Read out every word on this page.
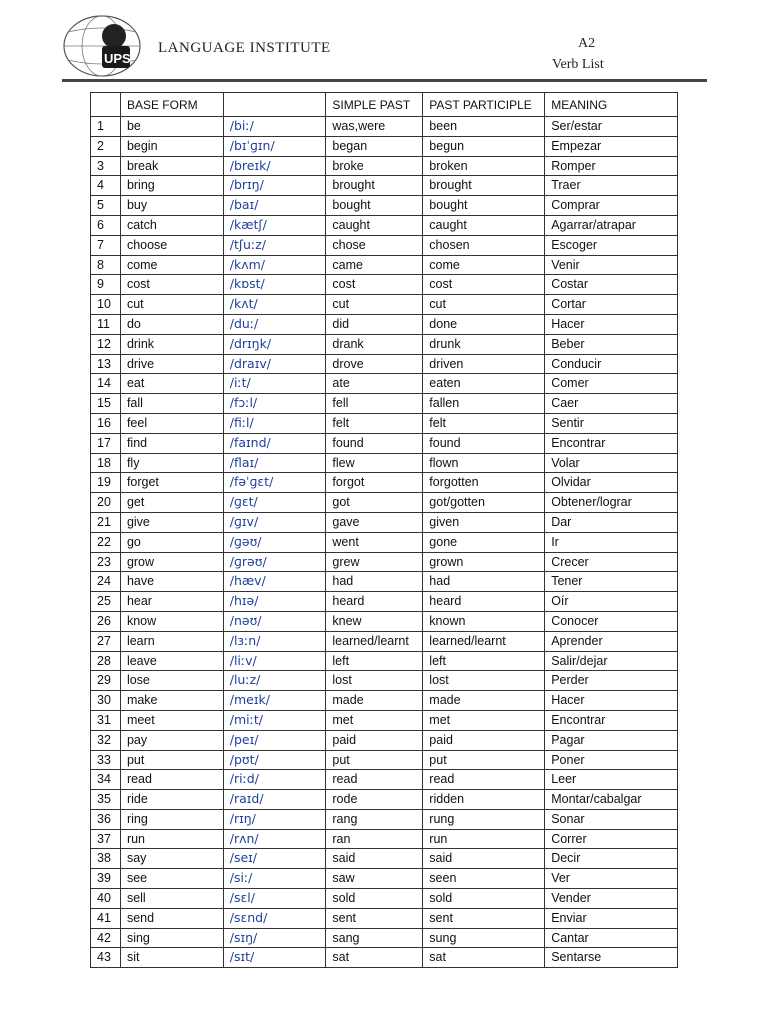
UPS
LANGUAGE INSTITUTE	A2
Verb List
	BASE FORM		SIMPLE PAST	PAST PARTICIPLE	MEANING
1	be	/biː/	was,were	been	Ser/estar
2	begin	/bɪˈɡɪn/	began	begun	Empezar
3	break	/breɪk/	broke	broken	Romper
4	bring	/brɪŋ/	brought	brought	Traer
5	buy	/baɪ/	bought	bought	Comprar
6	catch	/kætʃ/	caught	caught	Agarrar/atrapar
7	choose	/tʃuːz/	chose	chosen	Escoger
8	come	/kʌm/	came	come	Venir
9	cost	/kɒst/	cost	cost	Costar
10	cut	/kʌt/	cut	cut	Cortar
11	do	/duː/	did	done	Hacer
12	drink	/drɪŋk/	drank	drunk	Beber
13	drive	/draɪv/	drove	driven	Conducir
14	eat	/iːt/	ate	eaten	Comer
15	fall	/fɔːl/	fell	fallen	Caer
16	feel	/fiːl/	felt	felt	Sentir
17	find	/faɪnd/	found	found	Encontrar
18	fly	/flaɪ/	flew	flown	Volar
19	forget	/fəˈɡɛt/	forgot	forgotten	Olvidar
20	get	/ɡɛt/	got	got/gotten	Obtener/lograr
21	give	/ɡɪv/	gave	given	Dar
22	go	/ɡəʊ/	went	gone	Ir
23	grow	/ɡrəʊ/	grew	grown	Crecer
24	have	/hæv/	had	had	Tener
25	hear	/hɪə/	heard	heard	Oír
26	know	/nəʊ/	knew	known	Conocer
27	learn	/lɜːn/	learned/learnt	learned/learnt	Aprender
28	leave	/liːv/	left	left	Salir/dejar
29	lose	/luːz/	lost	lost	Perder
30	make	/meɪk/	made	made	Hacer
31	meet	/miːt/	met	met	Encontrar
32	pay	/peɪ/	paid	paid	Pagar
33	put	/pʊt/	put	put	Poner
34	read	/riːd/	read	read	Leer
35	ride	/raɪd/	rode	ridden	Montar/cabalgar
36	ring	/rɪŋ/	rang	rung	Sonar
37	run	/rʌn/	ran	run	Correr
38	say	/seɪ/	said	said	Decir
39	see	/siː/	saw	seen	Ver
40	sell	/sɛl/	sold	sold	Vender
41	send	/sɛnd/	sent	sent	Enviar
42	sing	/sɪŋ/	sang	sung	Cantar
43	sit	/sɪt/	sat	sat	Sentarse
